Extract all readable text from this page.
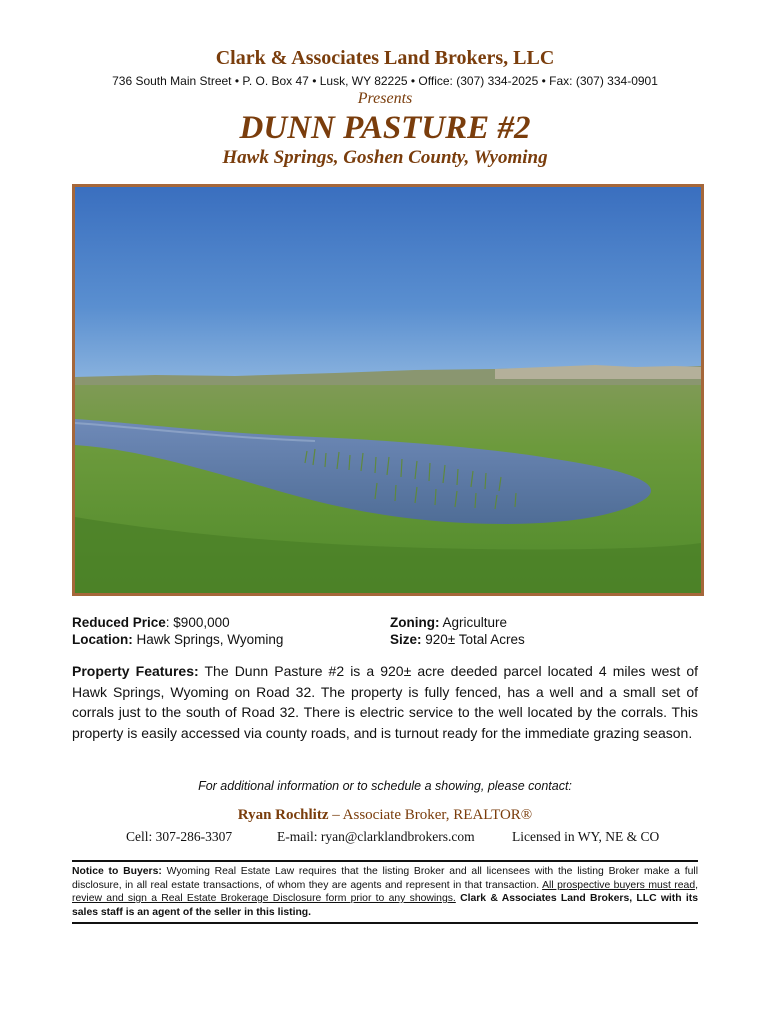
Clark & Associates Land Brokers, LLC
736 South Main Street • P. O. Box 47 • Lusk, WY 82225 • Office: (307) 334-2025 • Fax: (307) 334-0901
Presents
DUNN PASTURE #2
Hawk Springs, Goshen County, Wyoming
Reduced Price: $900,000
Location: Hawk Springs, Wyoming
Zoning: Agriculture
Size: 920± Total Acres
Property Features: The Dunn Pasture #2 is a 920± acre deeded parcel located 4 miles west of Hawk Springs, Wyoming on Road 32. The property is fully fenced, has a well and a small set of corrals just to the south of Road 32. There is electric service to the well located by the corrals. This property is easily accessed via county roads, and is turnout ready for the immediate grazing season.
For additional information or to schedule a showing, please contact:
Ryan Rochlitz – Associate Broker, REALTOR®
Cell: 307-286-3307	E-mail: ryan@clarklandbrokers.com	Licensed in WY, NE & CO
Notice to Buyers: Wyoming Real Estate Law requires that the listing Broker and all licensees with the listing Broker make a full disclosure, in all real estate transactions, of whom they are agents and represent in that transaction. All prospective buyers must read, review and sign a Real Estate Brokerage Disclosure form prior to any showings. Clark & Associates Land Brokers, LLC with its sales staff is an agent of the seller in this listing.
